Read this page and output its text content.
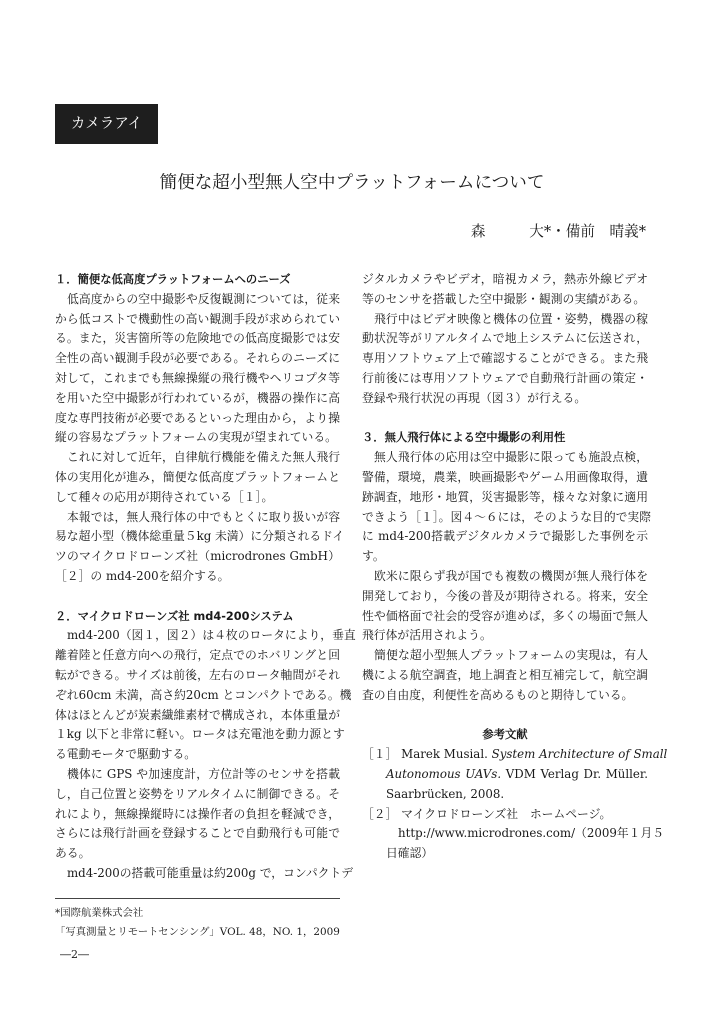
カメラアイ
簡便な超小型無人空中プラットフォームについて
森　　　大*・備前　晴義*
１．簡便な低高度プラットフォームへのニーズ
低高度からの空中撮影や反復観測については，従来
から低コストで機動性の高い観測手段が求められてい
る。また，災害箇所等の危険地での低高度撮影では安
全性の高い観測手段が必要である。それらのニーズに
対して，これまでも無線操縦の飛行機やヘリコプタ等
を用いた空中撮影が行われているが，機器の操作に高
度な専門技術が必要であるといった理由から，より操
縦の容易なプラットフォームの実現が望まれている。
これに対して近年，自律航行機能を備えた無人飛行
体の実用化が進み，簡便な低高度プラットフォームと
して種々の応用が期待されている［１］。
本報では，無人飛行体の中でもとくに取り扱いが容
易な超小型（機体総重量５kg 未満）に分類されるドイ
ツのマイクロドローンズ社（microdrones GmbH）
［２］の md4-200を紹介する。
２．マイクロドローンズ社 md4-200システム
md4-200（図１，図２）は４枚のロータにより，垂直
離着陸と任意方向への飛行，定点でのホバリングと回
転ができる。サイズは前後，左右のロータ軸間がそれ
ぞれ60cm 未満，高さ約20cm とコンパクトである。機
体はほとんどが炭素繊維素材で構成され，本体重量が
１kg 以下と非常に軽い。ロータは充電池を動力源とす
る電動モータで駆動する。
機体に GPS や加速度計，方位計等のセンサを搭載
し，自己位置と姿勢をリアルタイムに制御できる。そ
れにより，無線操縦時には操作者の負担を軽減でき，
さらには飛行計画を登録することで自動飛行も可能で
ある。
md4-200の搭載可能重量は約200g で，コンパクトデ
ジタルカメラやビデオ，暗視カメラ，熱赤外線ビデオ
等のセンサを搭載した空中撮影・観測の実績がある。
飛行中はビデオ映像と機体の位置・姿勢，機器の稼
動状況等がリアルタイムで地上システムに伝送され，
専用ソフトウェア上で確認することができる。また飛
行前後には専用ソフトウェアで自動飛行計画の策定・
登録や飛行状況の再現（図３）が行える。
３．無人飛行体による空中撮影の利用性
無人飛行体の応用は空中撮影に限っても施設点検，
警備，環境，農業，映画撮影やゲーム用画像取得，遺
跡調査，地形・地質，災害撮影等，様々な対象に適用
できよう［１］。図４～６には，そのような目的で実際
に md4-200搭載デジタルカメラで撮影した事例を示
す。
欧米に限らず我が国でも複数の機関が無人飛行体を
開発しており，今後の普及が期待される。将来，安全
性や価格面で社会的受容が進めば，多くの場面で無人
飛行体が活用されよう。
簡便な超小型無人プラットフォームの実現は，有人
機による航空調査，地上調査と相互補完して，航空調
査の自由度，利便性を高めるものと期待している。
参考文献
［１］ Marek Musial. System Architecture of Small
Autonomous UAVs. VDM Verlag Dr. Müller.
Saarbrücken, 2008.
［２］ マイクロドローンズ社　ホームページ。
http://www.microdrones.com/（2009年１月５
日確認）
*国際航業株式会社
「写真測量とリモートセンシング」VOL. 48，NO. 1，2009
―2―
